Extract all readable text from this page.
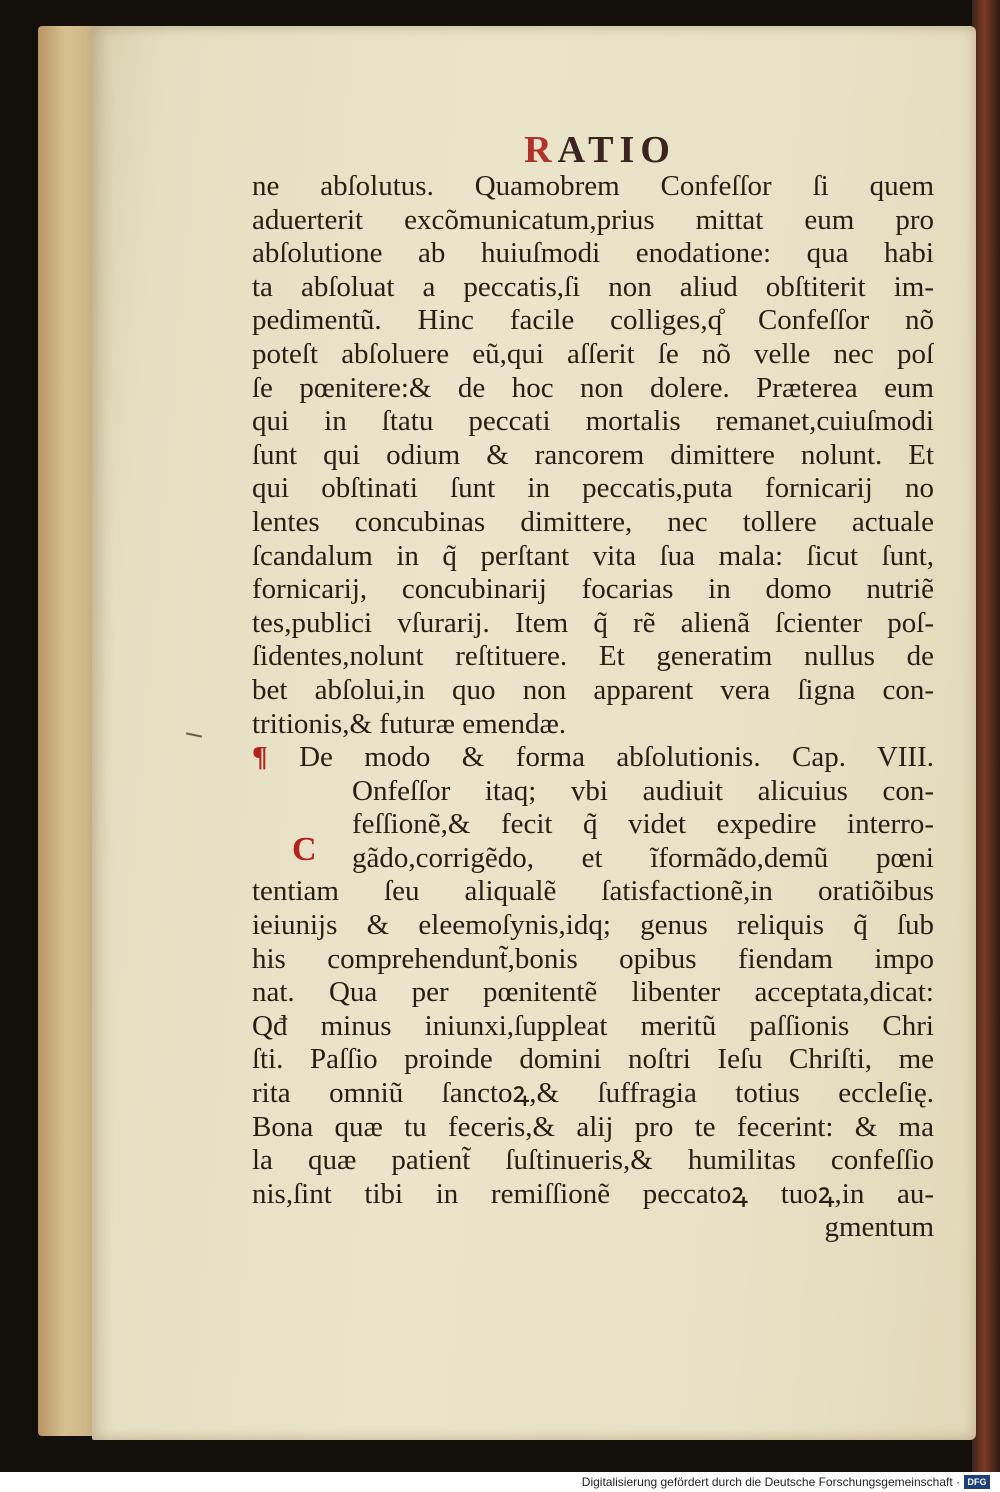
RATIO
ne abſolutus. Quamobrem Confeſſor ſi quem
aduerterit excõmunicatum,prius mittat eum pro
abſolutione ab huiuſmodi enodatione: qua habi
ta abſoluat a peccatis,ſi non aliud obſtiterit im-
pedimentũ. Hinc facile colliges,q̊ Confeſſor nõ
poteſt abſoluere eũ,qui aſſerit ſe nõ velle nec poſ
ſe pœnitere:& de hoc non dolere. Præterea eum
qui in ſtatu peccati mortalis remanet,cuiuſmodi
ſunt qui odium & rancorem dimittere nolunt. Et
qui obſtinati ſunt in peccatis,puta fornicarij no
lentes concubinas dimittere, nec tollere actuale
ſcandalum in q̃ perſtant vita ſua mala: ſicut ſunt,
fornicarij, concubinarij focarias in domo nutriẽ
tes,publici vſurarij. Item q̃ rẽ alienã ſcienter poſ-
ſidentes,nolunt reſtituere. Et generatim nullus de
bet abſolui,in quo non apparent vera ſigna con-
tritionis,& futuræ emendæ.
¶ De modo & forma abſolutionis. Cap. VIII.
C
Onfeſſor itaq; vbi audiuit alicuius con-
feſſionẽ,& fecit q̃ videt expedire interro-
gãdo,corrigẽdo, et ĩformãdo,demũ pœni
tentiam ſeu aliqualẽ ſatisfactionẽ,in oratiõibus
ieiunijs & eleemoſynis,idq; genus reliquis q̃ ſub
his comprehendunt̃,bonis opibus fiendam impo
nat. Qua per pœnitentẽ libenter acceptata,dicat:
Qđ minus iniunxi,ſuppleat meritũ paſſionis Chri
ſti. Paſſio proinde domini noſtri Ieſu Chriſti, me
rita omniũ ſanctoꝝ,& ſuffragia totius eccleſię.
Bona quæ tu feceris,& alij pro te fecerint: & ma
la quæ patient̃ ſuſtinueris,& humilitas confeſſio
nis,ſint tibi in remiſſionẽ peccatoꝝ tuoꝝ,in au-
gmentum
Digitalisierung gefördert durch die Deutsche Forschungsgemeinschaft · DFG
